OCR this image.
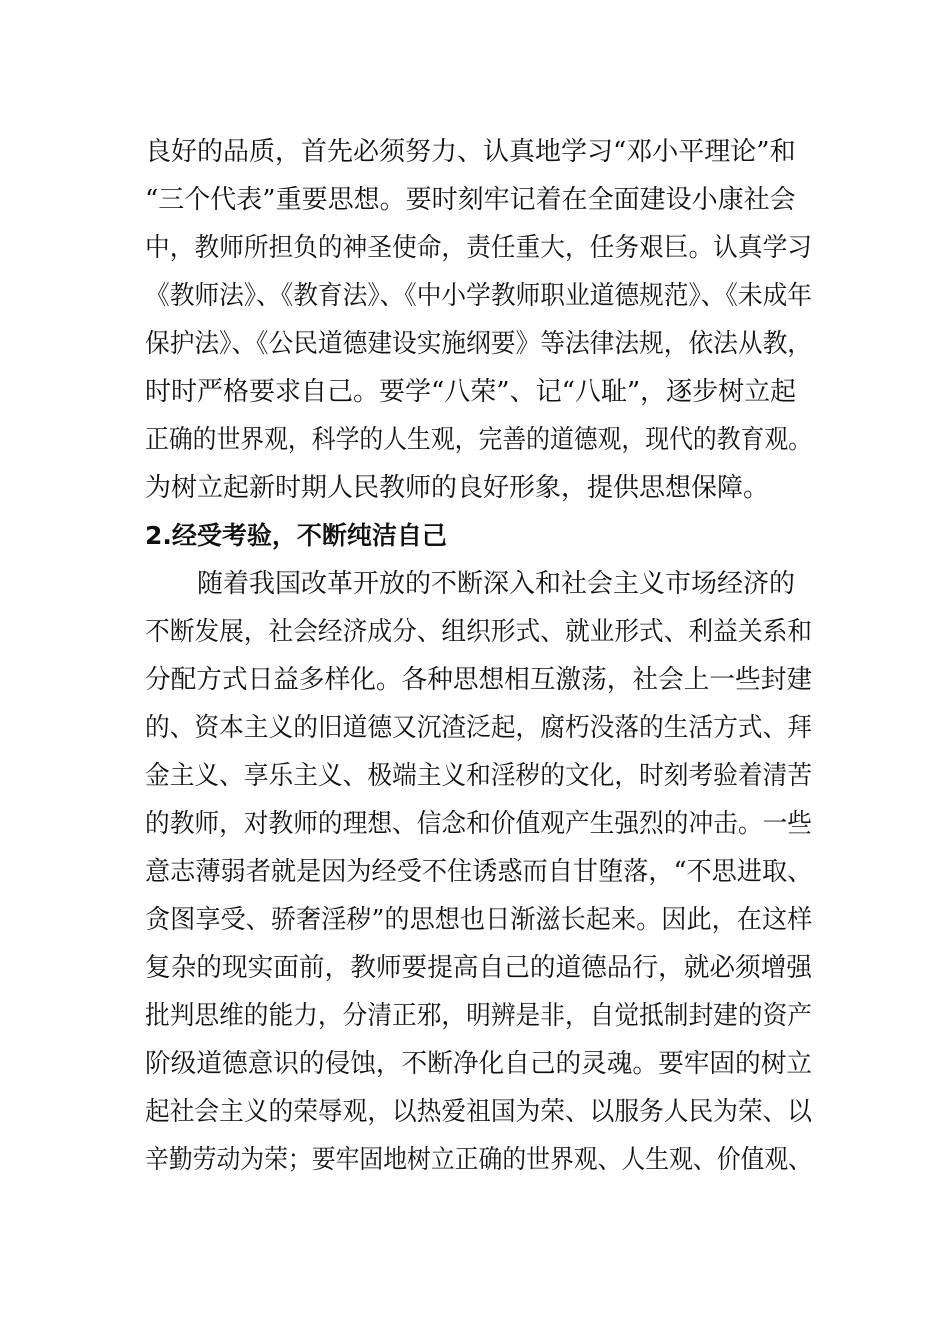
良好的品质，首先必须努力、认真地学习“邓小平理论”和
“三个代表”重要思想。要时刻牢记着在全面建设小康社会
中，教师所担负的神圣使命，责任重大，任务艰巨。认真学习
《教师法》、《教育法》、《中小学教师职业道德规范》、《未成年
保护法》、《公民道德建设实施纲要》等法律法规，依法从教，
时时严格要求自己。要学“八荣”、记“八耻”，逐步树立起
正确的世界观，科学的人生观，完善的道德观，现代的教育观。
为树立起新时期人民教师的良好形象，提供思想保障。
2.经受考验，不断纯洁自己
随着我国改革开放的不断深入和社会主义市场经济的
不断发展，社会经济成分、组织形式、就业形式、利益关系和
分配方式日益多样化。各种思想相互激荡，社会上一些封建
的、资本主义的旧道德又沉渣泛起，腐朽没落的生活方式、拜
金主义、享乐主义、极端主义和淫秽的文化，时刻考验着清苦
的教师，对教师的理想、信念和价值观产生强烈的冲击。一些
意志薄弱者就是因为经受不住诱惑而自甘堕落，“不思进取、
贪图享受、骄奢淫秽”的思想也日渐滋长起来。因此，在这样
复杂的现实面前，教师要提高自己的道德品行，就必须增强
批判思维的能力，分清正邪，明辨是非，自觉抵制封建的资产
阶级道德意识的侵蚀，不断净化自己的灵魂。要牢固的树立
起社会主义的荣辱观，以热爱祖国为荣、以服务人民为荣、以
辛勤劳动为荣；要牢固地树立正确的世界观、人生观、价值观、
